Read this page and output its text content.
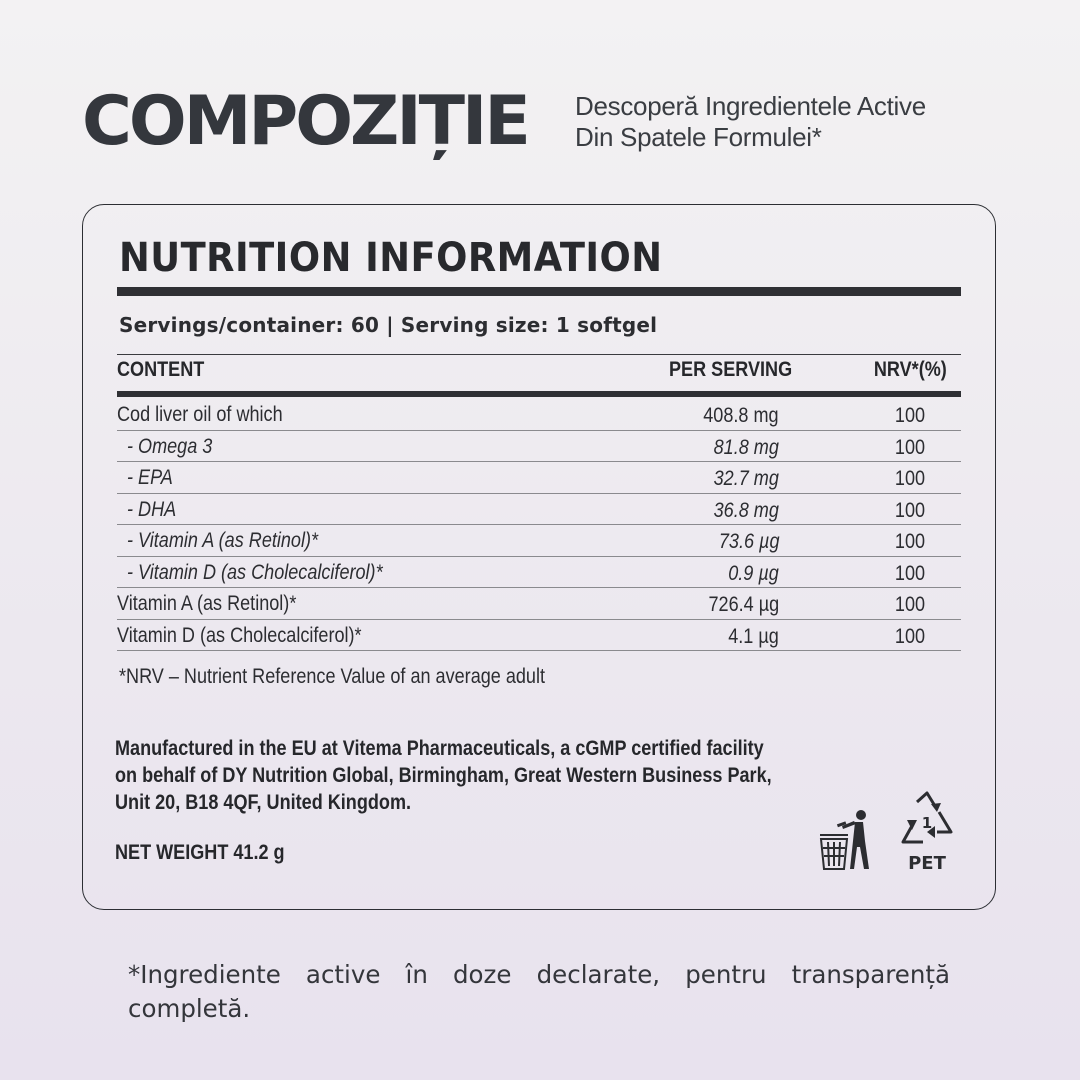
COMPOZIȚIE Descoperă Ingredientele Active
Din Spatele Formulei*
NUTRITION INFORMATION
Servings/container: 60 | Serving size: 1 softgel
CONTENT	PER SERVING	NRV*(%)
Cod liver oil of which	408.8 mg	100
- Omega 3	81.8 mg	100
- EPA	32.7 mg	100
- DHA	36.8 mg	100
- Vitamin A (as Retinol)*	73.6 µg	100
- Vitamin D (as Cholecalciferol)*	0.9 µg	100
Vitamin A (as Retinol)*	726.4 µg	100
Vitamin D (as Cholecalciferol)*	4.1 µg	100
*NRV – Nutrient Reference Value of an average adult
Manufactured in the EU at Vitema Pharmaceuticals, a cGMP certified facility
on behalf of DY Nutrition Global, Birmingham, Great Western Business Park,
Unit 20, B18 4QF, United Kingdom.
NET WEIGHT 41.2 g
1
PET
*Ingrediente active în doze declarate, pentru transparență completă.
